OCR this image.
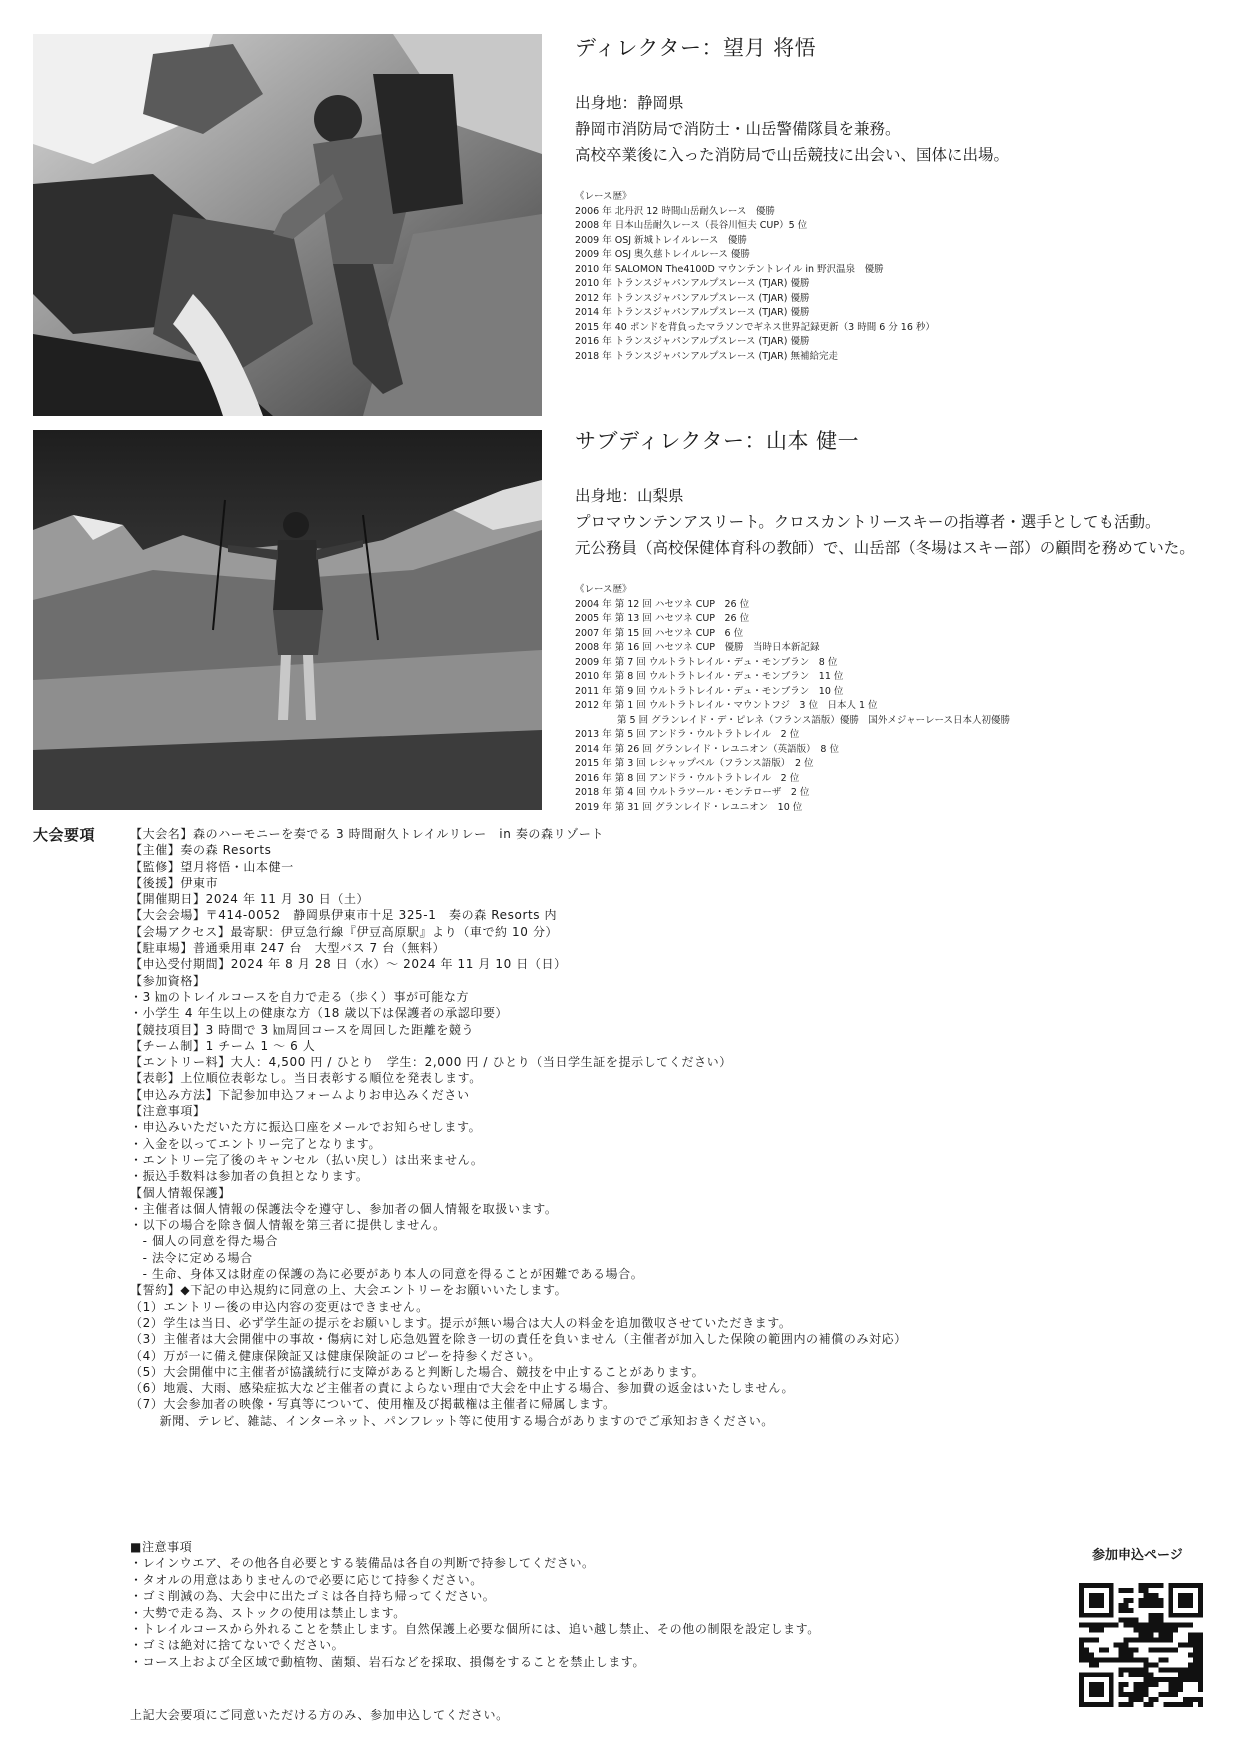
ディレクター：望月 将悟
出身地：静岡県
静岡市消防局で消防士・山岳警備隊員を兼務。
高校卒業後に入った消防局で山岳競技に出会い、国体に出場。
《レース歴》
2006 年 北丹沢 12 時間山岳耐久レース　優勝
2008 年 日本山岳耐久レース（長谷川恒夫 CUP）5 位
2009 年 OSJ 新城トレイルレース　優勝
2009 年 OSJ 奥久慈トレイルレース 優勝
2010 年 SALOMON The4100D マウンテントレイル in 野沢温泉　優勝
2010 年 トランスジャパンアルプスレース (TJAR) 優勝
2012 年 トランスジャパンアルプスレース (TJAR) 優勝
2014 年 トランスジャパンアルプスレース (TJAR) 優勝
2015 年 40 ポンドを背負ったマラソンでギネス世界記録更新（3 時間 6 分 16 秒）
2016 年 トランスジャパンアルプスレース (TJAR) 優勝
2018 年 トランスジャパンアルプスレース (TJAR) 無補給完走
サブディレクター：山本 健一
出身地：山梨県
プロマウンテンアスリート。クロスカントリースキーの指導者・選手としても活動。
元公務員（高校保健体育科の教師）で、山岳部（冬場はスキー部）の顧問を務めていた。
《レース歴》
2004 年 第 12 回 ハセツネ CUP　26 位
2005 年 第 13 回 ハセツネ CUP　26 位
2007 年 第 15 回 ハセツネ CUP　6 位
2008 年 第 16 回 ハセツネ CUP　優勝　当時日本新記録
2009 年 第 7 回 ウルトラトレイル・デュ・モンブラン　8 位
2010 年 第 8 回 ウルトラトレイル・デュ・モンブラン　11 位
2011 年 第 9 回 ウルトラトレイル・デュ・モンブラン　10 位
2012 年 第 1 回 ウルトラトレイル・マウントフジ　3 位　日本人 1 位
第 5 回 グランレイド・デ・ピレネ（フランス語版）優勝　国外メジャーレース日本人初優勝
2013 年 第 5 回 アンドラ・ウルトラトレイル　2 位
2014 年 第 26 回 グランレイド・レユニオン（英語版）　8 位
2015 年 第 3 回 レシャップベル（フランス語版）　2 位
2016 年 第 8 回 アンドラ・ウルトラトレイル　2 位
2018 年 第 4 回 ウルトラツール・モンテローザ　2 位
2019 年 第 31 回 グランレイド・レユニオン　10 位
大会要項	【大会名】森のハーモニーを奏でる 3 時間耐久トレイルリレー　in 奏の森リゾート
【主催】奏の森 Resorts
【監修】望月将悟・山本健一
【後援】伊東市
【開催期日】2024 年 11 月 30 日（土）
【大会会場】〒414-0052　静岡県伊東市十足 325-1　奏の森 Resorts 内
【会場アクセス】最寄駅：伊豆急行線『伊豆高原駅』より（車で約 10 分）
【駐車場】普通乗用車 247 台　大型バス 7 台（無料）
【申込受付期間】2024 年 8 月 28 日（水）～ 2024 年 11 月 10 日（日）
【参加資格】
・3 ㎞のトレイルコースを自力で走る（歩く）事が可能な方
・小学生 4 年生以上の健康な方（18 歳以下は保護者の承認印要）
【競技項目】3 時間で 3 ㎞周回コースを周回した距離を競う
【チーム制】1 チーム 1 ～ 6 人
【エントリー料】大人：4,500 円 / ひとり　学生：2,000 円 / ひとり（当日学生証を提示してください）
【表彰】上位順位表彰なし。当日表彰する順位を発表します。
【申込み方法】下記参加申込フォームよりお申込みください
【注意事項】
・申込みいただいた方に振込口座をメールでお知らせします。
・入金を以ってエントリー完了となります。
・エントリー完了後のキャンセル（払い戻し）は出来ません。
・振込手数料は参加者の負担となります。
【個人情報保護】
・主催者は個人情報の保護法令を遵守し、参加者の個人情報を取扱います。
・以下の場合を除き個人情報を第三者に提供しません。
　- 個人の同意を得た場合
　- 法令に定める場合
　- 生命、身体又は財産の保護の為に必要があり本人の同意を得ることが困難である場合。
【誓約】◆下記の申込規約に同意の上、大会エントリーをお願いいたします。
（1）エントリー後の申込内容の変更はできません。
（2）学生は当日、必ず学生証の提示をお願いします。提示が無い場合は大人の料金を追加徴収させていただきます。
（3）主催者は大会開催中の事故・傷病に対し応急処置を除き一切の責任を負いません（主催者が加入した保険の範囲内の補償のみ対応）
（4）万が一に備え健康保険証又は健康保険証のコピーを持参ください。
（5）大会開催中に主催者が協議続行に支障があると判断した場合、競技を中止することがあります。
（6）地震、大雨、感染症拡大など主催者の責によらない理由で大会を中止する場合、参加費の返金はいたしません。
（7）大会参加者の映像・写真等について、使用権及び掲載権は主催者に帰属します。
　　 新聞、テレビ、雑誌、インターネット、パンフレット等に使用する場合がありますのでご承知おきください。
■注意事項
・レインウエア、その他各自必要とする装備品は各自の判断で持参してください。
・タオルの用意はありませんので必要に応じて持参ください。
・ゴミ削減の為、大会中に出たゴミは各自持ち帰ってください。
・大勢で走る為、ストックの使用は禁止します。
・トレイルコースから外れることを禁止します。自然保護上必要な個所には、追い越し禁止、その他の制限を設定します。
・ゴミは絶対に捨てないでください。
・コース上および全区域で動植物、菌類、岩石などを採取、損傷をすることを禁止します。
上記大会要項にご同意いただける方のみ、参加申込してください。
参加申込ページ
